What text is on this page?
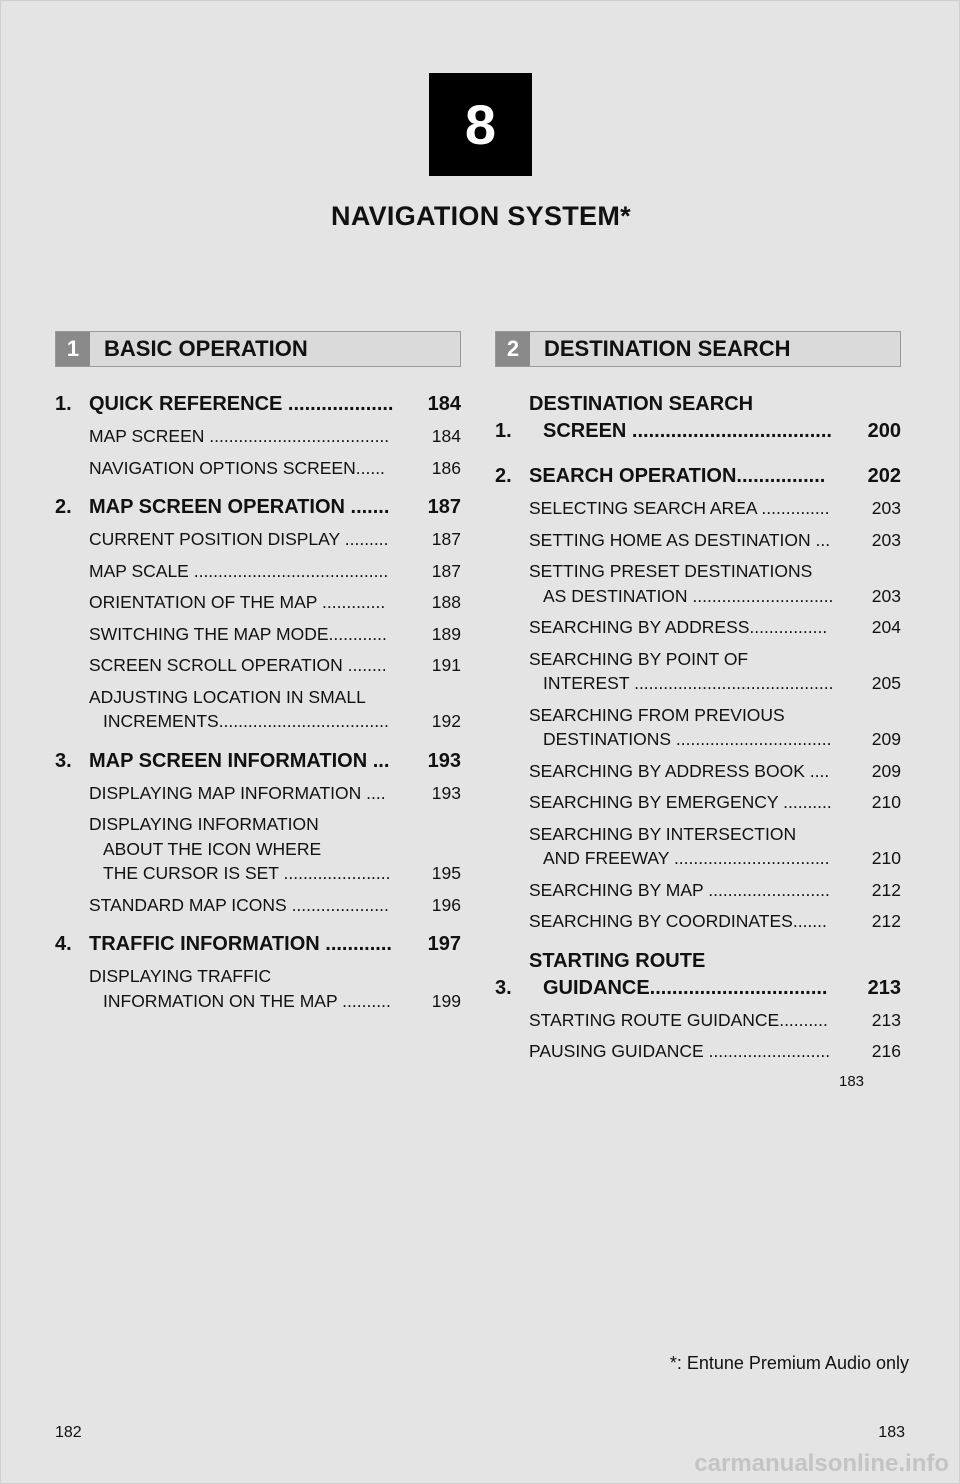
8
NAVIGATION SYSTEM*
1	BASIC OPERATION
1. QUICK REFERENCE ...................	184
MAP SCREEN .....................................	184
NAVIGATION OPTIONS SCREEN......	186
2. MAP SCREEN OPERATION .......	187
CURRENT POSITION DISPLAY .........	187
MAP SCALE ........................................	187
ORIENTATION OF THE MAP .............	188
SWITCHING THE MAP MODE............	189
SCREEN SCROLL OPERATION ........	191
ADJUSTING LOCATION IN SMALL
INCREMENTS...................................	192
3. MAP SCREEN INFORMATION ...	193
DISPLAYING MAP INFORMATION ....	193
DISPLAYING INFORMATION
ABOUT THE ICON WHERE
THE CURSOR IS SET ......................	195
STANDARD MAP ICONS ....................	196
4. TRAFFIC INFORMATION ............	197
DISPLAYING TRAFFIC
INFORMATION ON THE MAP ..........	199
2	DESTINATION SEARCH
1.
DESTINATION SEARCH
SCREEN ....................................	200
2. SEARCH OPERATION................	202
SELECTING SEARCH AREA ..............	203
SETTING HOME AS DESTINATION ...	203
SETTING PRESET DESTINATIONS
AS DESTINATION .............................	203
SEARCHING BY ADDRESS................	204
SEARCHING BY POINT OF
INTEREST .........................................	205
SEARCHING FROM PREVIOUS
DESTINATIONS ................................	209
SEARCHING BY ADDRESS BOOK ....	209
SEARCHING BY EMERGENCY ..........	210
SEARCHING BY INTERSECTION
AND FREEWAY ................................	210
SEARCHING BY MAP .........................	212
SEARCHING BY COORDINATES.......	212
3.
STARTING ROUTE
GUIDANCE................................	213
STARTING ROUTE GUIDANCE..........	213
PAUSING GUIDANCE .........................	216
183
*: Entune Premium Audio only
182	183
carmanualsonline.info
